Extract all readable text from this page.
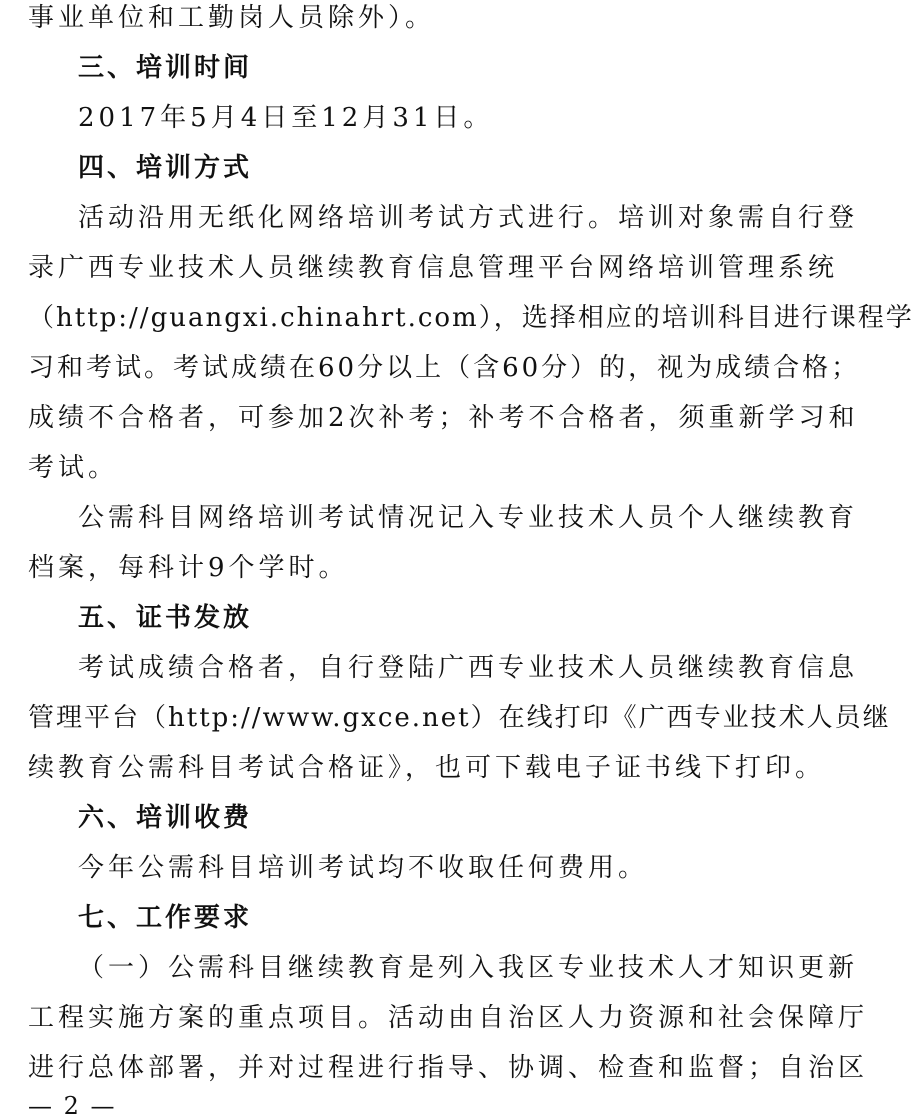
事业单位和工勤岗人员除外）。
三、培训时间
2017年5月4日至12月31日。
四、培训方式
活动沿用无纸化网络培训考试方式进行。培训对象需自行登
录广西专业技术人员继续教育信息管理平台网络培训管理系统
（http://guangxi.chinahrt.com），选择相应的培训科目进行课程学
习和考试。考试成绩在60分以上（含60分）的，视为成绩合格；
成绩不合格者，可参加2次补考；补考不合格者，须重新学习和
考试。
公需科目网络培训考试情况记入专业技术人员个人继续教育
档案，每科计9个学时。
五、证书发放
考试成绩合格者，自行登陆广西专业技术人员继续教育信息
管理平台（http://www.gxce.net）在线打印《广西专业技术人员继
续教育公需科目考试合格证》，也可下载电子证书线下打印。
六、培训收费
今年公需科目培训考试均不收取任何费用。
七、工作要求
（一）公需科目继续教育是列入我区专业技术人才知识更新
工程实施方案的重点项目。活动由自治区人力资源和社会保障厅
进行总体部署，并对过程进行指导、协调、检查和监督；自治区
— 2 —
